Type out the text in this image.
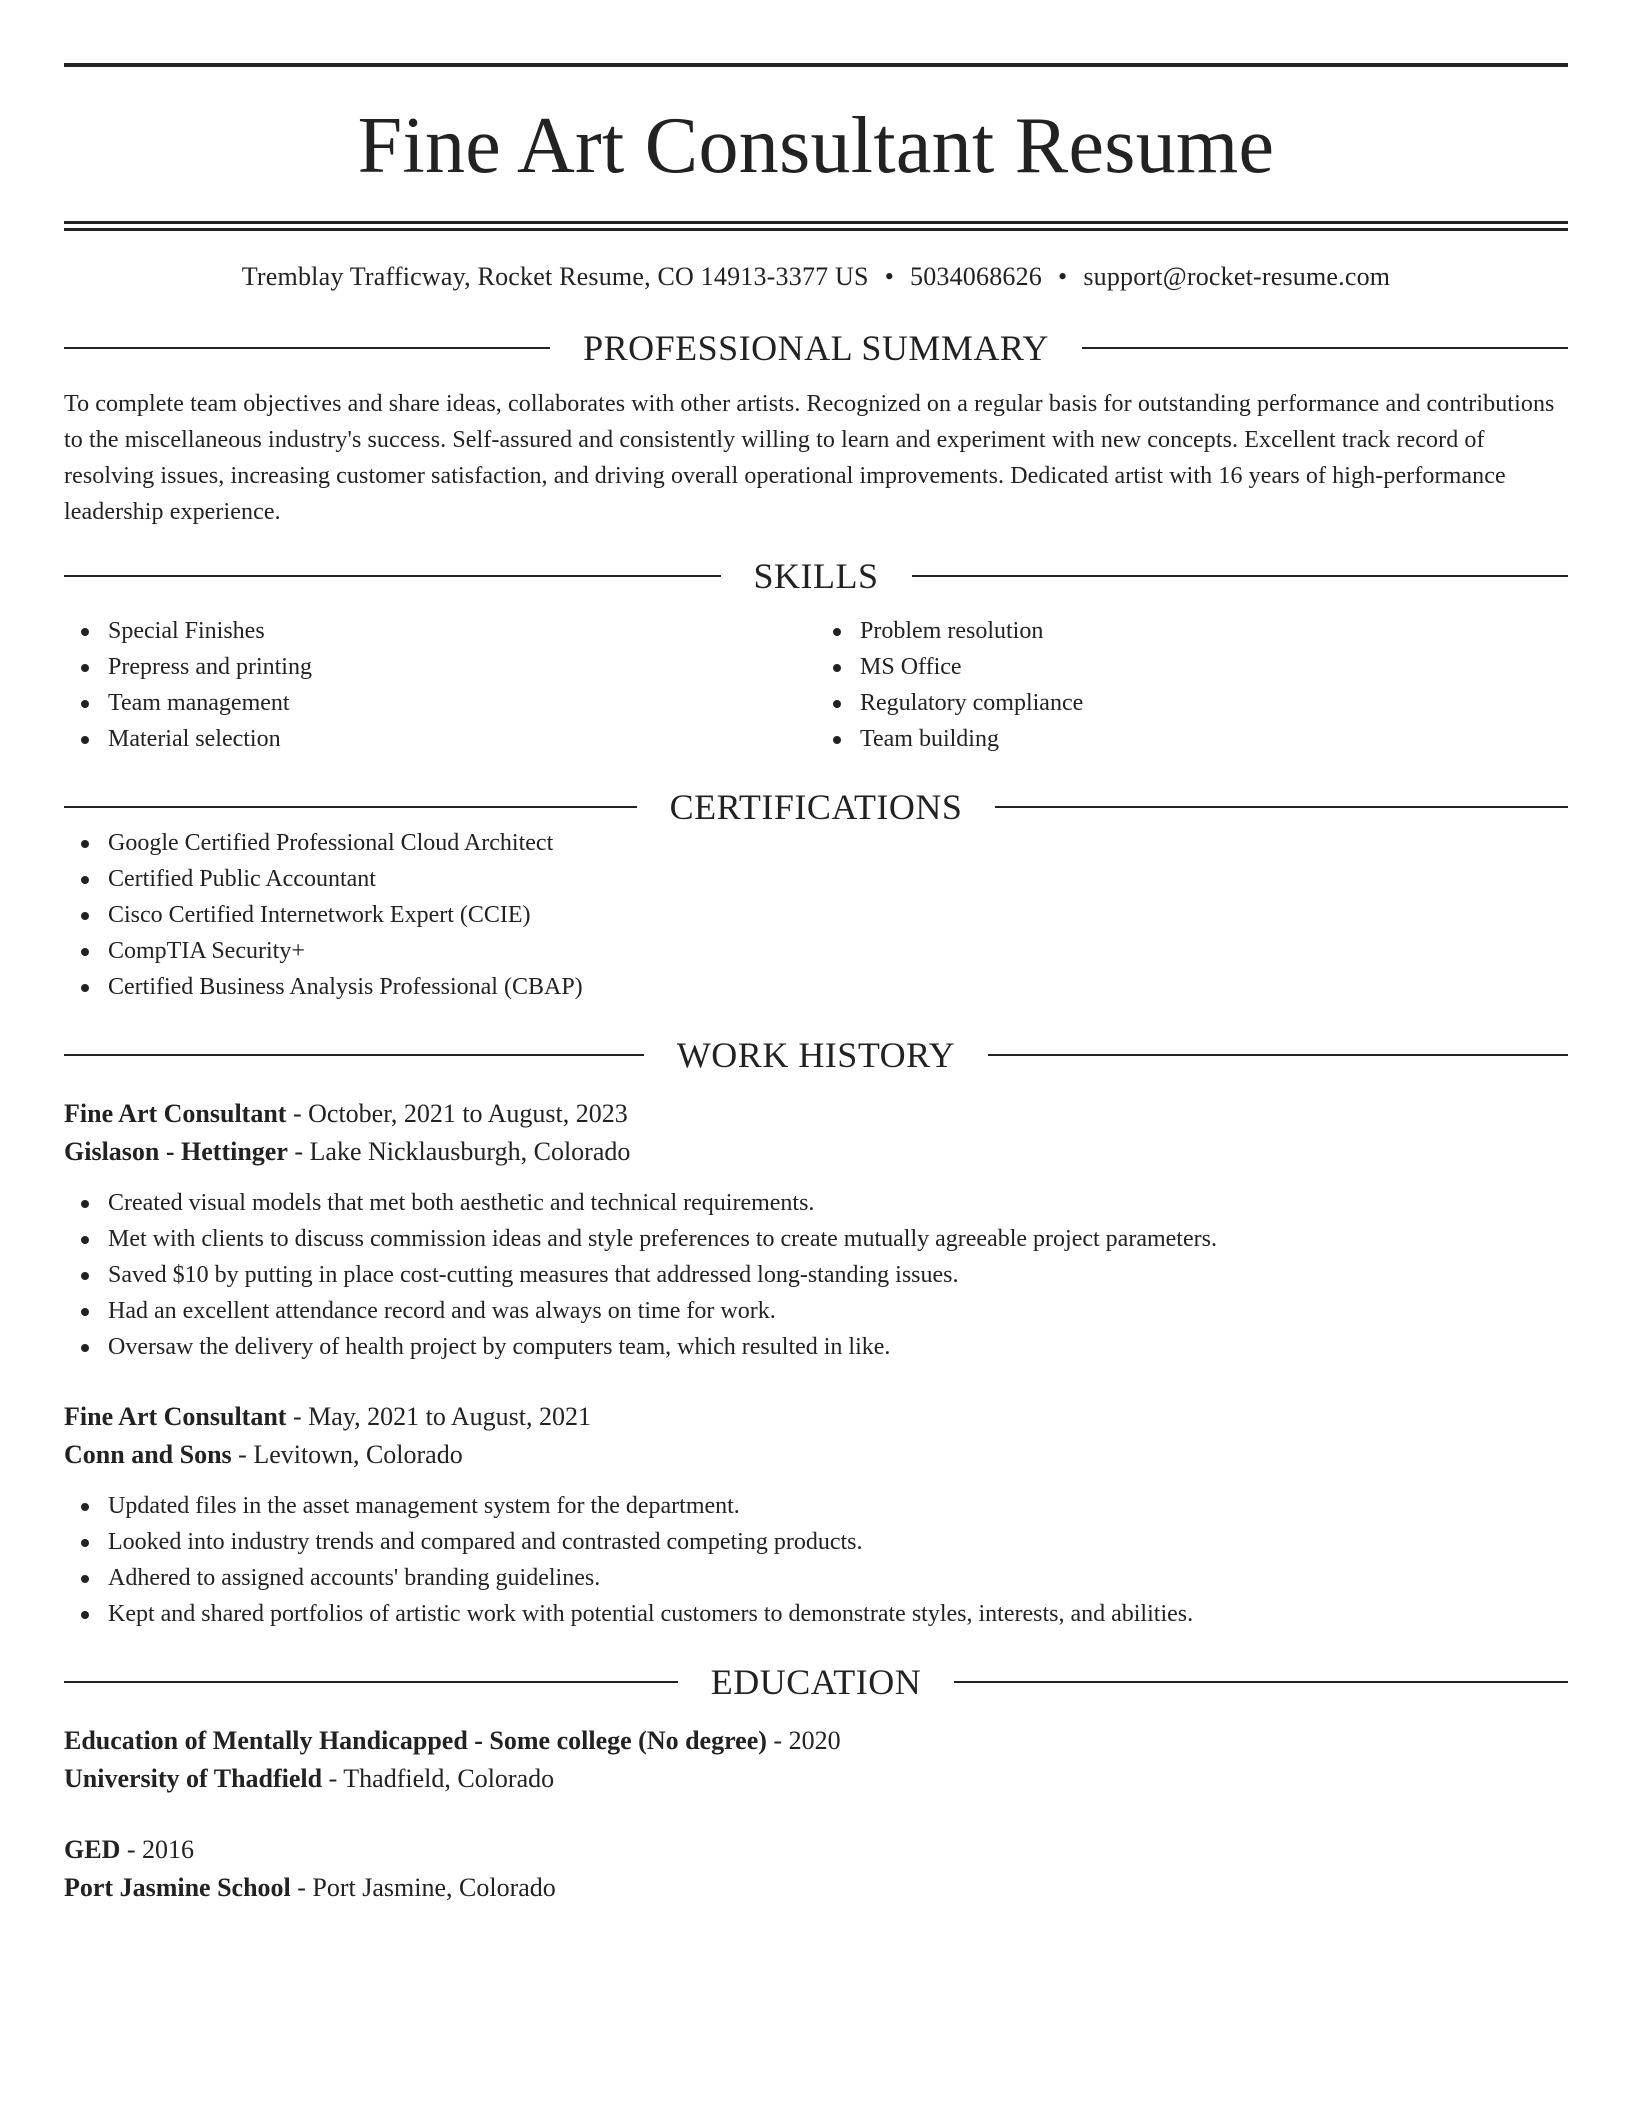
Fine Art Consultant Resume
Tremblay Trafficway, Rocket Resume, CO 14913-3377 US • 5034068626 • support@rocket-resume.com
PROFESSIONAL SUMMARY

To complete team objectives and share ideas, collaborates with other artists. Recognized on a regular basis for outstanding performance and contributions to the miscellaneous industry's success. Self-assured and consistently willing to learn and experiment with new concepts. Excellent track record of resolving issues, increasing customer satisfaction, and driving overall operational improvements. Dedicated artist with 16 years of high-performance leadership experience.

SKILLS
Special Finishes
Prepress and printing
Team management
Material selection
Problem resolution
MS Office
Regulatory compliance
Team building
CERTIFICATIONS
Google Certified Professional Cloud Architect
Certified Public Accountant
Cisco Certified Internetwork Expert (CCIE)
CompTIA Security+
Certified Business Analysis Professional (CBAP)
WORK HISTORY
Fine Art Consultant - October, 2021 to August, 2023
Gislason - Hettinger - Lake Nicklausburgh, Colorado
Created visual models that met both aesthetic and technical requirements.
Met with clients to discuss commission ideas and style preferences to create mutually agreeable project parameters.
Saved $10 by putting in place cost-cutting measures that addressed long-standing issues.
Had an excellent attendance record and was always on time for work.
Oversaw the delivery of health project by computers team, which resulted in like.
Fine Art Consultant - May, 2021 to August, 2021
Conn and Sons - Levitown, Colorado
Updated files in the asset management system for the department.
Looked into industry trends and compared and contrasted competing products.
Adhered to assigned accounts' branding guidelines.
Kept and shared portfolios of artistic work with potential customers to demonstrate styles, interests, and abilities.
EDUCATION
Education of Mentally Handicapped - Some college (No degree) - 2020
University of Thadfield - Thadfield, Colorado
GED - 2016
Port Jasmine School - Port Jasmine, Colorado
